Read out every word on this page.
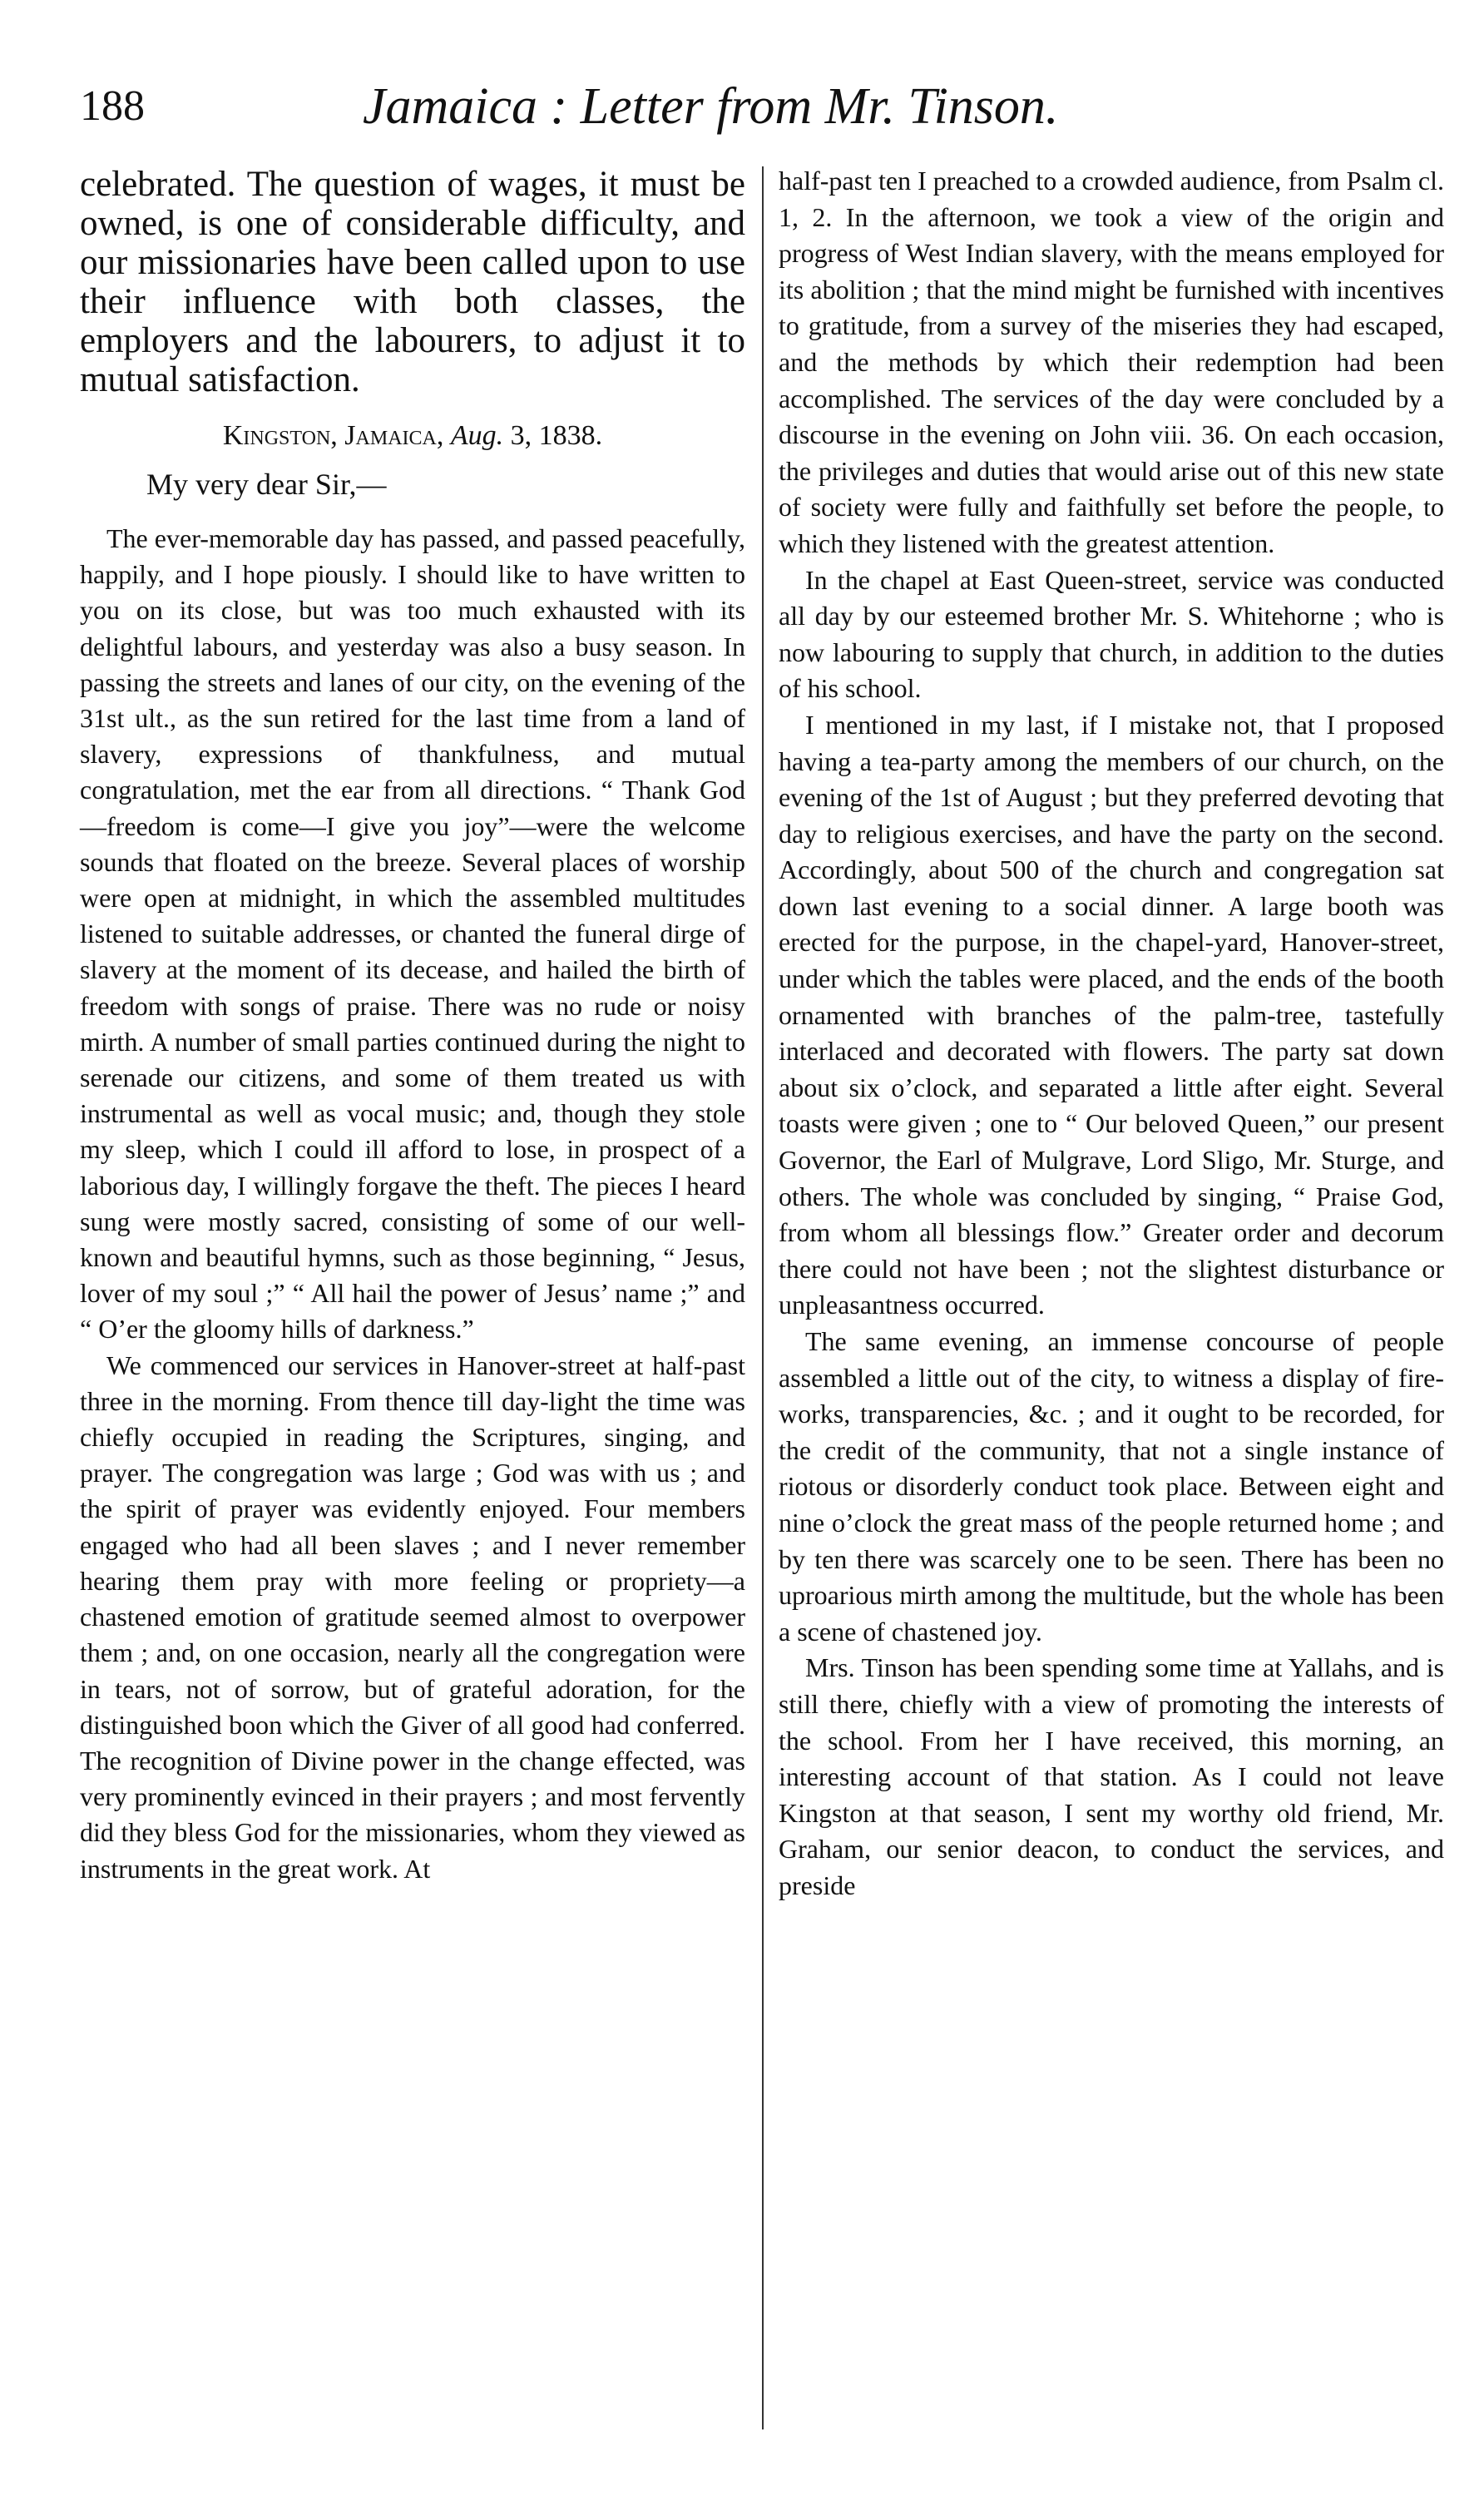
188	Jamaica : Letter from Mr. Tinson.

celebrated. The question of wages, it must be owned, is one of considerable difficulty, and our missionaries have been called upon to use their influence with both classes, the employers and the labourers, to adjust it to mutual satisfaction.

Kingston, Jamaica, Aug. 3, 1838.

My very dear Sir,—

The ever-memorable day has passed, and passed peacefully, happily, and I hope piously. I should like to have written to you on its close, but was too much exhausted with its delightful labours, and yesterday was also a busy season. In passing the streets and lanes of our city, on the evening of the 31st ult., as the sun retired for the last time from a land of slavery, expressions of thankfulness, and mutual congratulation, met the ear from all directions. “ Thank God—freedom is come—I give you joy”—were the welcome sounds that floated on the breeze. Several places of worship were open at midnight, in which the assembled multitudes listened to suitable addresses, or chanted the funeral dirge of slavery at the moment of its decease, and hailed the birth of freedom with songs of praise. There was no rude or noisy mirth. A number of small parties continued during the night to serenade our citizens, and some of them treated us with instrumental as well as vocal music; and, though they stole my sleep, which I could ill afford to lose, in prospect of a laborious day, I willingly forgave the theft. The pieces I heard sung were mostly sacred, consisting of some of our well-known and beautiful hymns, such as those beginning, “ Jesus, lover of my soul ;” “ All hail the power of Jesus’ name ;” and “ O’er the gloomy hills of darkness.”

We commenced our services in Hanover-street at half-past three in the morning. From thence till day-light the time was chiefly occupied in reading the Scriptures, singing, and prayer. The congregation was large ; God was with us ; and the spirit of prayer was evidently enjoyed. Four members engaged who had all been slaves ; and I never remember hearing them pray with more feeling or propriety—a chastened emotion of gratitude seemed almost to overpower them ; and, on one occasion, nearly all the congregation were in tears, not of sorrow, but of grateful adoration, for the distinguished boon which the Giver of all good had conferred. The recognition of Divine power in the change effected, was very prominently evinced in their prayers ; and most fervently did they bless God for the missionaries, whom they viewed as instruments in the great work. At

half-past ten I preached to a crowded audience, from Psalm cl. 1, 2. In the afternoon, we took a view of the origin and progress of West Indian slavery, with the means employed for its abolition ; that the mind might be furnished with incentives to gratitude, from a survey of the miseries they had escaped, and the methods by which their redemption had been accomplished. The services of the day were concluded by a discourse in the evening on John viii. 36. On each occasion, the privileges and duties that would arise out of this new state of society were fully and faithfully set before the people, to which they listened with the greatest attention.

In the chapel at East Queen-street, service was conducted all day by our esteemed brother Mr. S. Whitehorne ; who is now labouring to supply that church, in addition to the duties of his school.

I mentioned in my last, if I mistake not, that I proposed having a tea-party among the members of our church, on the evening of the 1st of August ; but they preferred devoting that day to religious exercises, and have the party on the second. Accordingly, about 500 of the church and congregation sat down last evening to a social dinner. A large booth was erected for the purpose, in the chapel-yard, Hanover-street, under which the tables were placed, and the ends of the booth ornamented with branches of the palm-tree, tastefully interlaced and decorated with flowers. The party sat down about six o’clock, and separated a little after eight. Several toasts were given ; one to “ Our beloved Queen,” our present Governor, the Earl of Mulgrave, Lord Sligo, Mr. Sturge, and others. The whole was concluded by singing, “ Praise God, from whom all blessings flow.” Greater order and decorum there could not have been ; not the slightest disturbance or unpleasantness occurred.

The same evening, an immense concourse of people assembled a little out of the city, to witness a display of fire-works, transparencies, &c. ; and it ought to be recorded, for the credit of the community, that not a single instance of riotous or disorderly conduct took place. Between eight and nine o’clock the great mass of the people returned home ; and by ten there was scarcely one to be seen. There has been no uproarious mirth among the multitude, but the whole has been a scene of chastened joy.

Mrs. Tinson has been spending some time at Yallahs, and is still there, chiefly with a view of promoting the interests of the school. From her I have received, this morning, an interesting account of that station. As I could not leave Kingston at that season, I sent my worthy old friend, Mr. Graham, our senior deacon, to conduct the services, and preside
